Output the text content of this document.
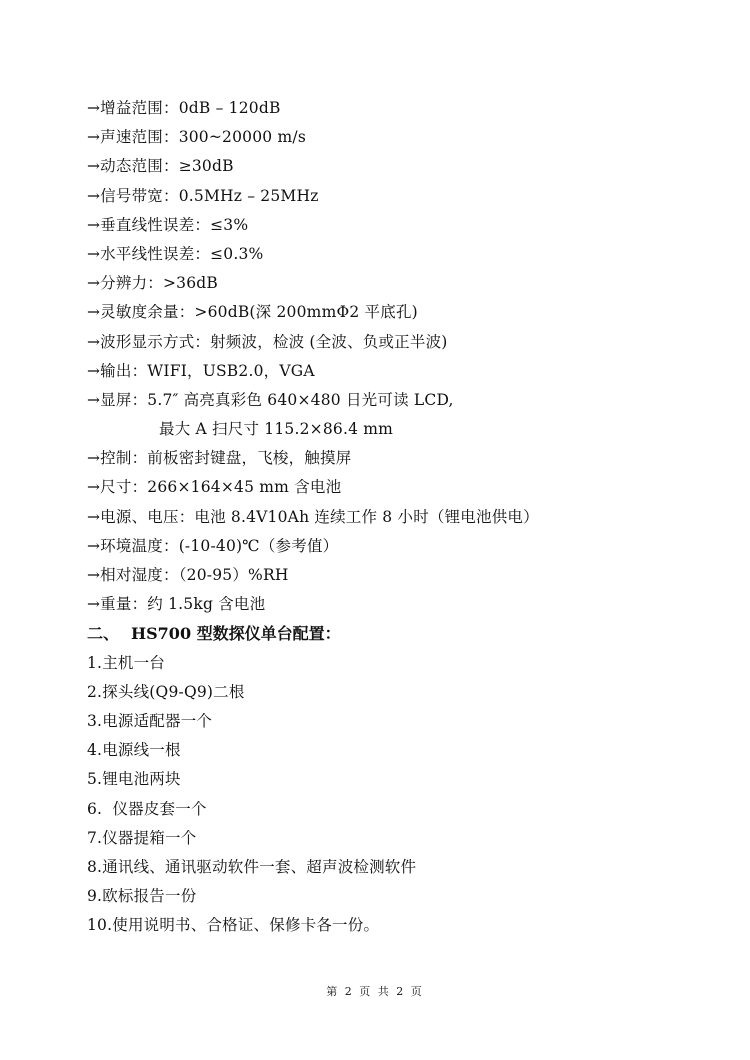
→增益范围：0dB – 120dB
→声速范围：300~20000 m/s
→动态范围：≥30dB
→信号带宽：0.5MHz – 25MHz
→垂直线性误差：≤3%
→水平线性误差：≤0.3%
→分辨力：>36dB
→灵敏度余量：>60dB(深 200mmΦ2 平底孔)
→波形显示方式：射频波，检波 (全波、负或正半波)
→输出：WIFI，USB2.0，VGA
→显屏：5.7″ 高亮真彩色 640×480 日光可读 LCD,
最大 A 扫尺寸 115.2×86.4 mm
→控制：前板密封键盘，飞梭，触摸屏
→尺寸：266×164×45 mm 含电池
→电源、电压：电池 8.4V10Ah 连续工作 8 小时（锂电池供电）
→环境温度：(-10-40)℃（参考值）
→相对湿度：（20-95）%RH
→重量：约 1.5kg 含电池
二、 HS700 型数探仪单台配置：
1.主机一台
2.探头线(Q9-Q9)二根
3.电源适配器一个
4.电源线一根
5.锂电池两块
6.  仪器皮套一个
7.仪器提箱一个
8.通讯线、通讯驱动软件一套、超声波检测软件
9.欧标报告一份
10.使用说明书、合格证、保修卡各一份。
第 2 页 共 2 页
